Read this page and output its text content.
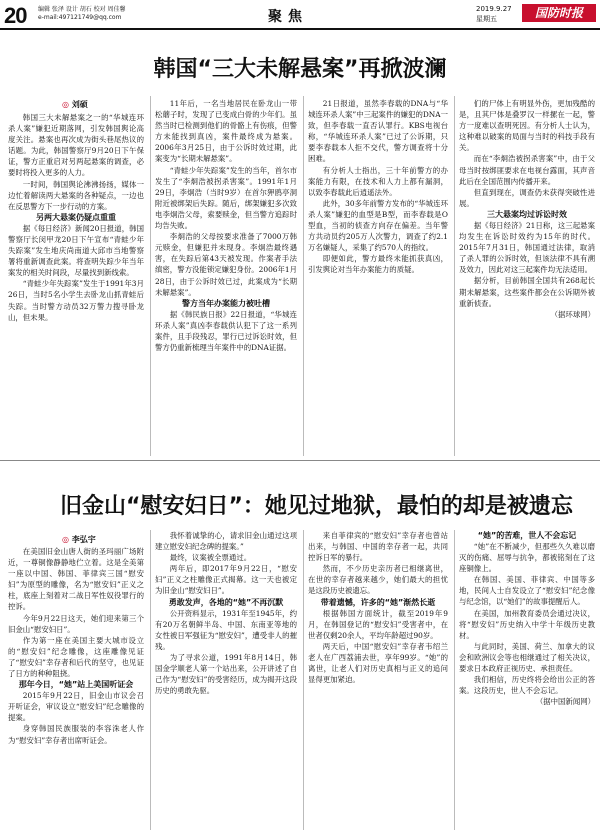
20 编辑 张泽 设计 胡石 校对 周佳馨
e-mail:497121749@qq.com	聚焦	2019.9.27
星期五	国防时报
韩国“三大未解悬案”再掀波澜
◎ 刘硕

韩国三大未解悬案之一的“华城连环杀人案”嫌犯近期落网，引发韩国舆论高度关注。悬案也再次成为街头巷尾热议的话题。为此，韩国警察厅9月20日下午保证，警方正重启对另两起悬案的调查，必要时将投入更多的人力。

一时间，韩国舆论沸沸扬扬，媒体一边忙着解读两大悬案的各种疑点，一边也在反思警方下一步行动的方案。

另两大悬案仍疑点重重

据《每日经济》新闻20日报道，韩国警察厅长闵甲龙20日下午宣布“青蛙少年失踪案”发生地庆尚南道大邱市当地警察署将重新调查此案。将查明失踪少年当年案发的相关时间段，尽量找到新线索。

“青蛙少年失踪案”发生于1991年3月26日，当时5名小学生去卧龙山抓青蛙后失踪。当时警方动员32万警力搜寻卧龙山，但未果。

11年后，一名当地居民在卧龙山一带松蘑子时，发现了已变成白骨的少年们。虽然当时已检测到他们的骨骼上有伤痕，但警方未能找到真凶，案件最终成为悬案。2006年3月25日，由于公诉时效过期，此案变为“长期未解悬案”。

“青蛙少年失踪案”发生的当年，首尔市发生了“李炯浩被拐杀害案”。1991年1月29日，李炯浩（当时9岁）在首尔狎鸥亭洞附近被绑架后失踪。随后，绑架嫌犯多次致电李炯浩父母，索要赎金，但当警方追踪时均告失败。

李炯浩的父母按要求准备了7000万韩元赎金，但嫌犯并未现身。李炯浩最终遇害，在失踪后第43天被发现。作案者手法缜密，警方没能锁定嫌犯身份。2006年1月28日，由于公诉时效已过，此案成为“长期未解悬案”。

警方当年办案能力被吐槽

据《韩民族日报》22日报道，“华城连环杀人案”真凶李春载供认犯下了这一系列案件，且手段残忍，罪行已过诉讼时效，但警方仍重新梳理当年案件中的DNA证据。

21日报道，虽然李春载的DNA与“华城连环杀人案”中三起案件的嫌犯的DNA一致，但李春载一直否认罪行。KBS电视台称，“华城连环杀人案”已过了公诉期，只要李春载本人拒不交代，警方调查将十分困难。

有分析人士指出，三十年前警方的办案能力有限，在技术和人力上都有漏洞，以致李春载此后逍遥法外。

此外，30多年前警方发布的“华城连环杀人案”嫌犯的血型是B型，而李春载是O型血，当初的侦查方向存在偏差。当年警方共动员约205万人次警力，调查了约2.1万名嫌疑人，采集了约570人的指纹。

即便如此，警方最终未能抓获真凶，引发舆论对当年办案能力的质疑。

们的尸体上有明显外伤，更加残酷的是，且其尸体是叠罗汉一样摞在一起，警方一度难以查明死因。有分析人士认为，这种难以破案的局面与当时的科技手段有关。

而在“李炯浩被拐杀害案”中，由于父母当时按绑匪要求在电视台露面，其声音此后在全国范围内传播开来。

但直到现在，调查仍未获得突破性进展。

三大悬案均过诉讼时效

据《每日经济》21日称，这三起悬案均发生在诉讼时效约为15年的时代。2015年7月31日，韩国通过法律，取消了杀人罪的公诉时效，但该法律不具有溯及效力，因此对这三起案件均无法适用。

据分析，目前韩国全国共有268起长期未解悬案，这些案件都会在公诉期外被重新侦查。

（据环球网）

旧金山“慰安妇日”：她见过地狱，最怕的却是被遗忘
◎ 李弘宇

在美国旧金山唐人街的圣玛丽广场附近，一尊铜像静静地伫立着。这是全美第一座以中国、韩国、菲律宾三国“慰安妇”为原型的雕像，名为“慰安妇”正义之柱，底座上刻着对二战日军性奴役罪行的控诉。

今年9月22日这天，她们迎来第三个旧金山“慰安妇日”。

作为第一座在美国主要大城市设立的“慰安妇”纪念雕像，这座雕像见证了“慰安妇”幸存者和后代的坚守，也见证了日方的种种阻挠。

那年今日，“她”站上美国听证会

2015年9月22日，旧金山市议会召开听证会，审议设立“慰安妇”纪念雕像的提案。

身穿韩国民族服装的李容洙老人作为“慰安妇”幸存者出席听证会。

我怀着诚挚的心，请求旧金山通过这项建立慰安妇纪念碑的提案。”

最终，议案被全票通过。

两年后，即2017年9月22日，“慰安妇”正义之柱雕像正式揭幕。这一天也被定为旧金山“慰安妇日”。

勇敢发声，各地的“她”不再沉默

公开资料显示，1931年至1945年，约有20万名朝鲜半岛、中国、东南亚等地的女性被日军强征为“慰安妇”，遭受非人的摧残。

为了寻求公道，1991年8月14日，韩国金学顺老人第一个站出来，公开讲述了自己作为“慰安妇”的受害经历，成为揭开这段历史的勇敢先驱。

来自菲律宾的“慰安妇”幸存者也曾站出来，与韩国、中国的幸存者一起，共同控诉日军的暴行。

然而，不少历史亲历者已相继离世，在世的幸存者越来越少，她们最大的担忧是这段历史被遗忘。

带着遗憾，许多的“她”渐然长逝

根据韩国方面统计，截至2019年9月，在韩国登记的“慰安妇”受害者中，在世者仅剩20余人，平均年龄超过90岁。

两天后，中国“慰安妇”幸存者韦绍兰老人在广西荔浦去世，享年99岁。“她”的离世，让老人们对历史真相与正义的追问显得更加紧迫。

“她”的苦难，世人不会忘记

“她”在不断减少，但那些久久难以磨灭的伤痛、屈辱与抗争，都被铭刻在了这座铜像上。

在韩国、美国、菲律宾、中国等多地，民间人士自发设立了“慰安妇”纪念像与纪念馆，以“她们”的故事提醒后人。

在美国，加州教育委员会通过决议，将“慰安妇”历史纳入中学十年级历史教材。

与此同时，美国、荷兰、加拿大的议会和欧洲议会等也相继通过了相关决议，要求日本政府正视历史、承担责任。

我们相信，历史终将会给出公正的答案。这段历史，世人不会忘记。

（据中国新闻网）
